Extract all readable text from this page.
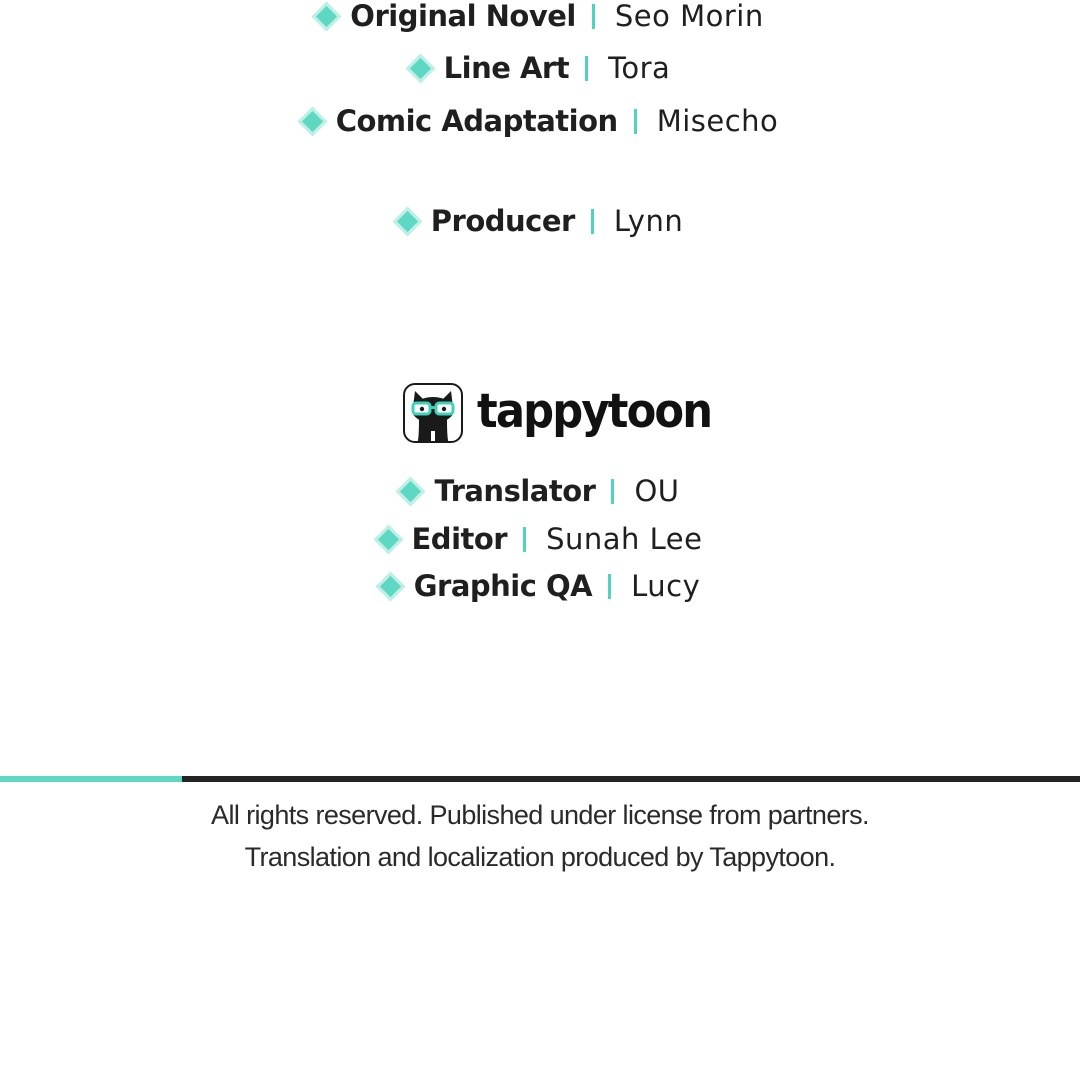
Original Novel Seo Morin
Line Art Tora
Comic Adaptation Misecho
Producer Lynn
tappytoon
Translator OU
Editor Sunah Lee
Graphic QA Lucy
All rights reserved. Published under license from partners.
Translation and localization produced by Tappytoon.
